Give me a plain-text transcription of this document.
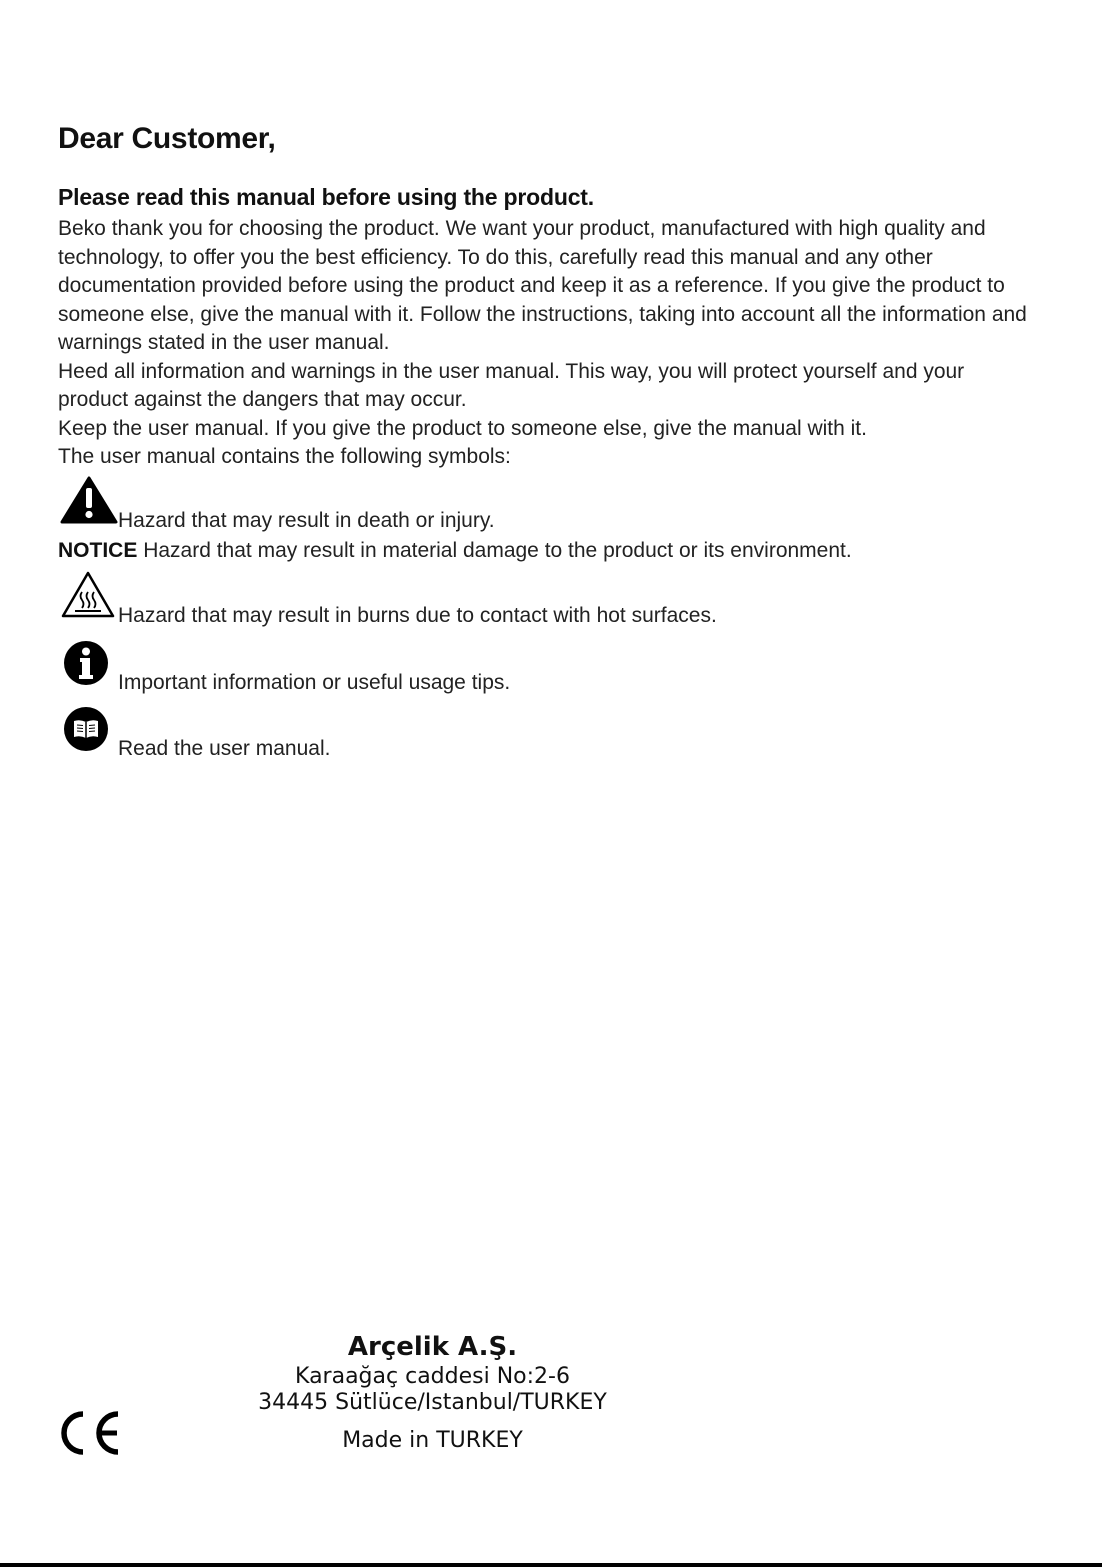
Dear Customer,
Please read this manual before using the product.

Beko thank you for choosing the product. We want your product, manufactured with high quality and technology, to offer you the best efficiency. To do this, carefully read this manual and any other documentation provided before using the product and keep it as a reference. If you give the product to someone else, give the manual with it. Follow the instructions, taking into account all the information and warnings stated in the user manual.

Heed all information and warnings in the user manual. This way, you will protect yourself and your product against the dangers that may occur.

Keep the user manual. If you give the product to someone else, give the manual with it.

The user manual contains the following symbols:

Hazard that may result in death or injury.
NOTICE Hazard that may result in material damage to the product or its environment.
Hazard that may result in burns due to contact with hot surfaces.
Important information or useful usage tips.
Read the user manual.
Arçelik A.Ş.
Karaağaç caddesi No:2-6
34445 Sütlüce/Istanbul/TURKEY
Made in TURKEY
